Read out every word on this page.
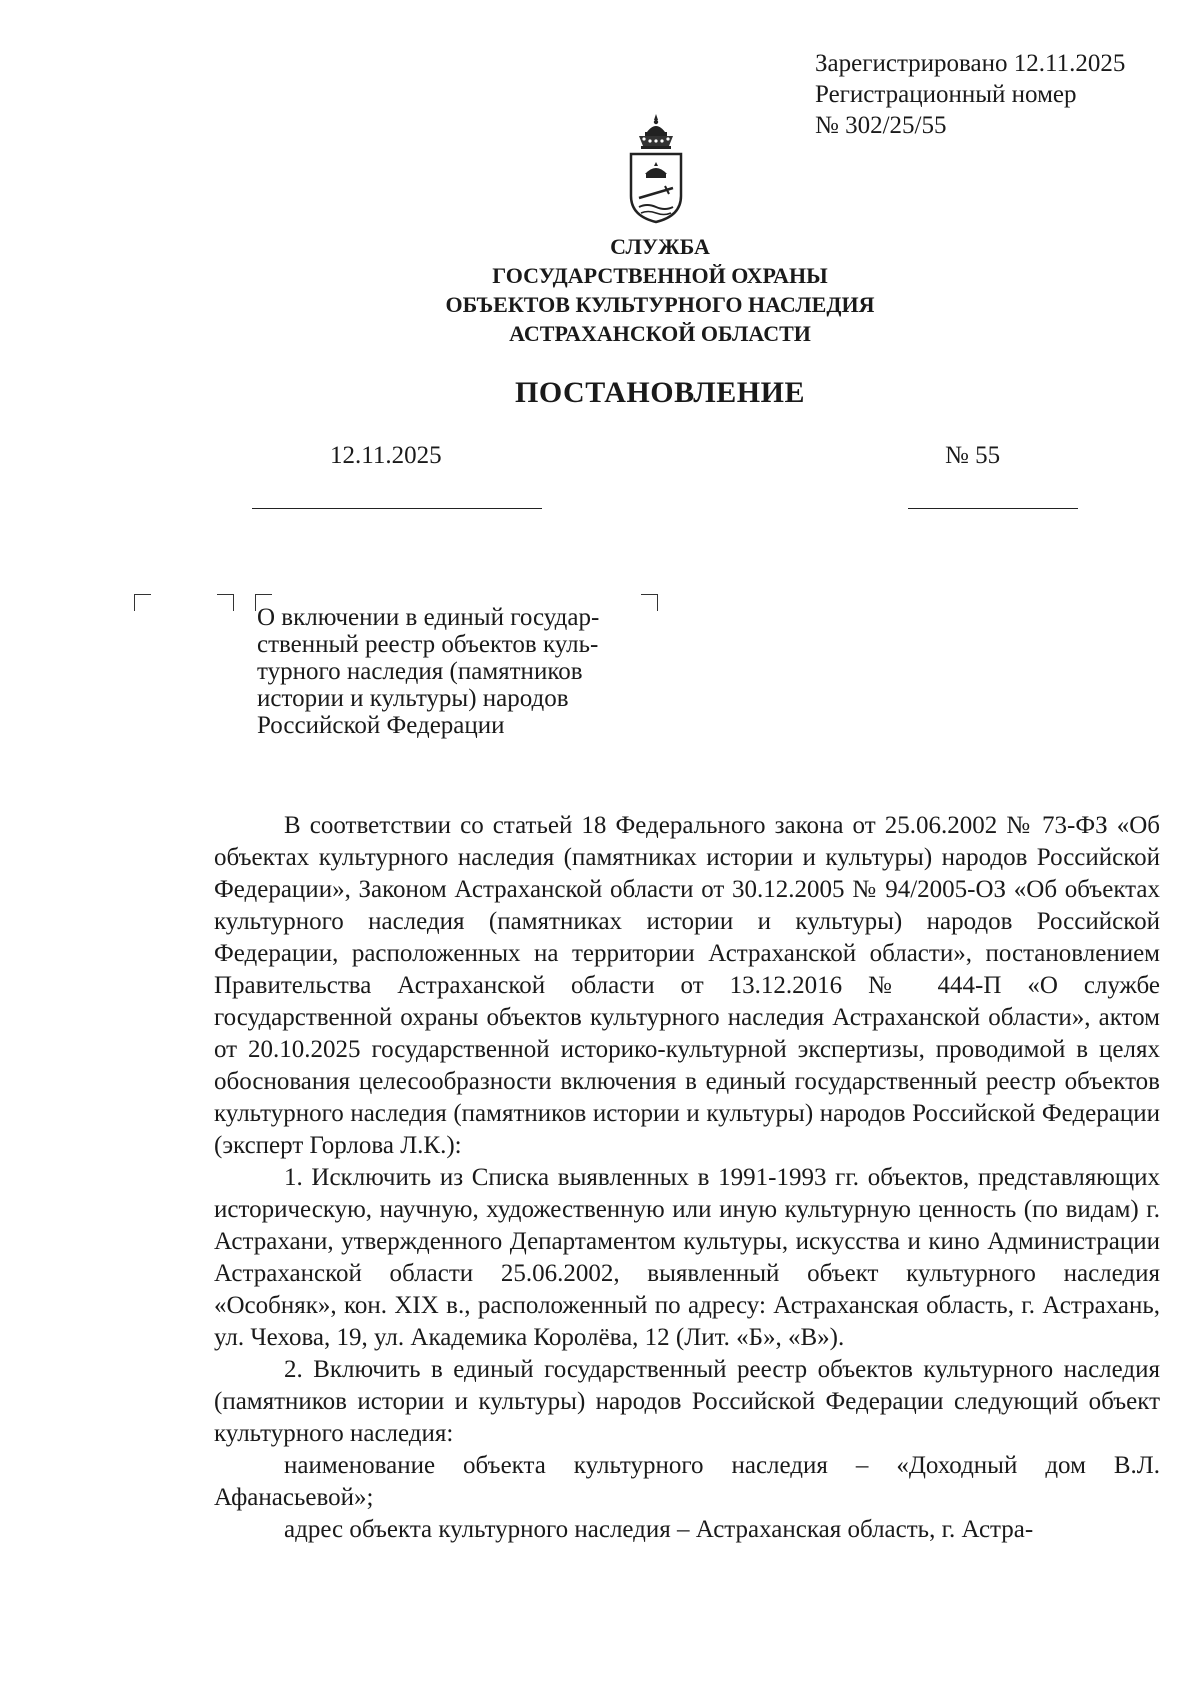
Зарегистрировано 12.11.2025
Регистрационный номер
№ 302/25/55
СЛУЖБА
ГОСУДАРСТВЕННОЙ ОХРАНЫ
ОБЪЕКТОВ КУЛЬТУРНОГО НАСЛЕДИЯ
АСТРАХАНСКОЙ ОБЛАСТИ
ПОСТАНОВЛЕНИЕ
12.11.2025	№ 55
О включении в единый государ-
ственный реестр объектов куль-
турного наследия (памятников
истории и культуры) народов
Российской Федерации

В соответствии со статьей 18 Федерального закона от 25.06.2002 № 73-ФЗ «Об объектах культурного наследия (памятниках истории и культуры) народов Российской Федерации», Законом Астраханской области от 30.12.2005 № 94/2005-ОЗ «Об объектах культурного наследия (памятниках истории и культуры) народов Российской Федерации, расположенных на территории Астраханской области», постановлением Правительства Астраханской области от 13.12.2016 № 444-П «О службе государственной охраны объектов культурного наследия Астраханской области», актом от 20.10.2025 государственной историко-культурной экспертизы, проводимой в целях обоснования целесообразности включения в единый государственный реестр объектов культурного наследия (памятников истории и культуры) народов Российской Федерации (эксперт Горлова Л.К.):

1. Исключить из Списка выявленных в 1991-1993 гг. объектов, представляющих историческую, научную, художественную или иную культурную ценность (по видам) г. Астрахани, утвержденного Департаментом культуры, искусства и кино Администрации Астраханской области 25.06.2002, выявленный объект культурного наследия «Особняк», кон. XIX в., расположенный по адресу: Астраханская область, г. Астрахань, ул. Чехова, 19, ул. Академика Королёва, 12 (Лит. «Б», «В»).

2. Включить в единый государственный реестр объектов культурного наследия (памятников истории и культуры) народов Российской Федерации следующий объект культурного наследия:

наименование объекта культурного наследия – «Доходный дом В.Л. Афанасьевой»;

адрес объекта культурного наследия – Астраханская область, г. Астра-
